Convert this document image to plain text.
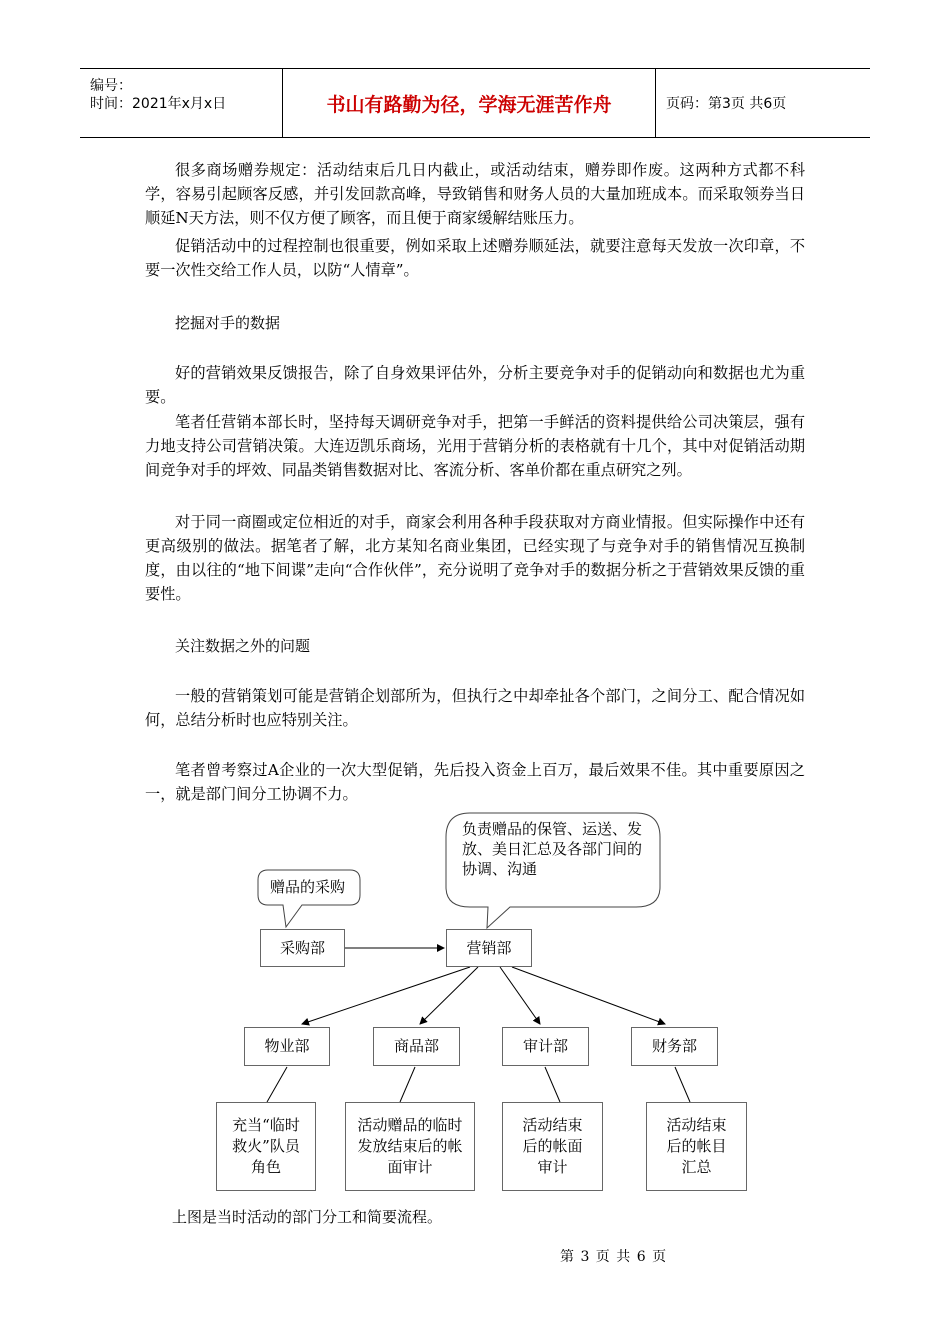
编号：
时间：2021年x月x日	书山有路勤为径，学海无涯苦作舟	页码：第3页 共6页
很多商场赠券规定：活动结束后几日内截止，或活动结束，赠券即作废。这两种方式都不科学，容易引起顾客反感，并引发回款高峰，导致销售和财务人员的大量加班成本。而采取领券当日顺延N天方法，则不仅方便了顾客，而且便于商家缓解结账压力。
促销活动中的过程控制也很重要，例如采取上述赠券顺延法，就要注意每天发放一次印章，不要一次性交给工作人员，以防“人情章”。
挖掘对手的数据
好的营销效果反馈报告，除了自身效果评估外，分析主要竞争对手的促销动向和数据也尤为重要。
笔者任营销本部长时，坚持每天调研竞争对手，把第一手鲜活的资料提供给公司决策层，强有力地支持公司营销决策。大连迈凯乐商场，光用于营销分析的表格就有十几个，其中对促销活动期间竞争对手的坪效、同晶类销售数据对比、客流分析、客单价都在重点研究之列。
对于同一商圈或定位相近的对手，商家会利用各种手段获取对方商业情报。但实际操作中还有更高级别的做法。据笔者了解，北方某知名商业集团，已经实现了与竞争对手的销售情况互换制度，由以往的“地下间谍”走向“合作伙伴”，充分说明了竞争对手的数据分析之于营销效果反馈的重要性。
关注数据之外的问题
一般的营销策划可能是营销企划部所为，但执行之中却牵扯各个部门，之间分工、配合情况如何，总结分析时也应特别关注。
笔者曾考察过A企业的一次大型促销，先后投入资金上百万，最后效果不佳。其中重要原因之一，就是部门间分工协调不力。
赠品的采购
负责赠品的保管、运送、发放、美日汇总及各部门间的协调、沟通
采购部	营销部
物业部	商品部	审计部	财务部
充当“临时救火”队员角色
活动赠品的临时发放结束后的帐面审计
活动结束后的帐面审计
活动结束后的帐目汇总
上图是当时活动的部门分工和简要流程。
第 3 页 共 6 页
